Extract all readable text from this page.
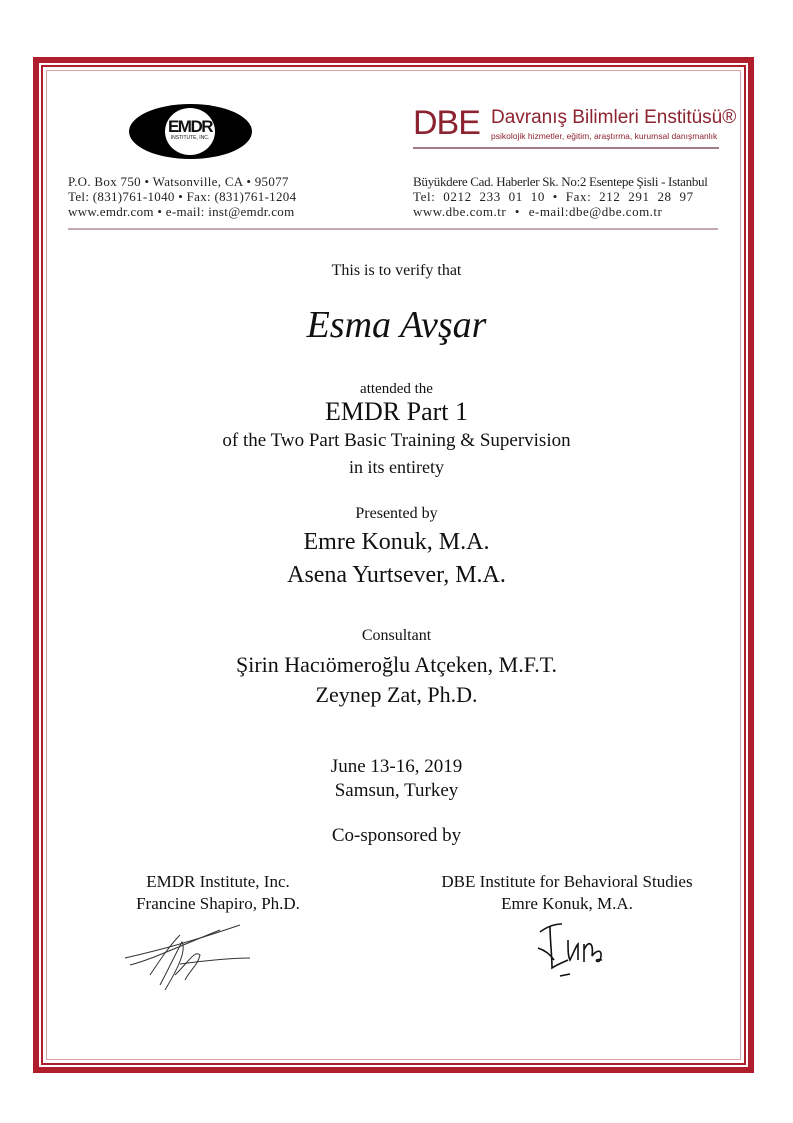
EMDR
INSTITUTE, INC.	DBE Davranış Bilimleri Enstitüsü®
psikolojik hizmetler, eğitim, araştırma, kurumsal danışmanlık
P.O. Box 750 • Watsonville, CA • 95077
Tel: (831)761-1040 • Fax: (831)761-1204
www.emdr.com • e-mail: inst@emdr.com
Büyükdere Cad. Haberler Sk. No:2 Esentepe Şisli - Istanbul
Tel: 0212 233 01 10 • Fax: 212 291 28 97
www.dbe.com.tr • e-mail:dbe@dbe.com.tr
This is to verify that
Esma Avşar
attended the
EMDR Part 1
of the Two Part Basic Training & Supervision
in its entirety
Presented by
Emre Konuk, M.A.
Asena Yurtsever, M.A.
Consultant
Şirin Hacıömeroğlu Atçeken, M.F.T.
Zeynep Zat, Ph.D.
June 13-16, 2019
Samsun, Turkey
Co-sponsored by
EMDR Institute, Inc.
Francine Shapiro, Ph.D.
DBE Institute for Behavioral Studies
Emre Konuk, M.A.
